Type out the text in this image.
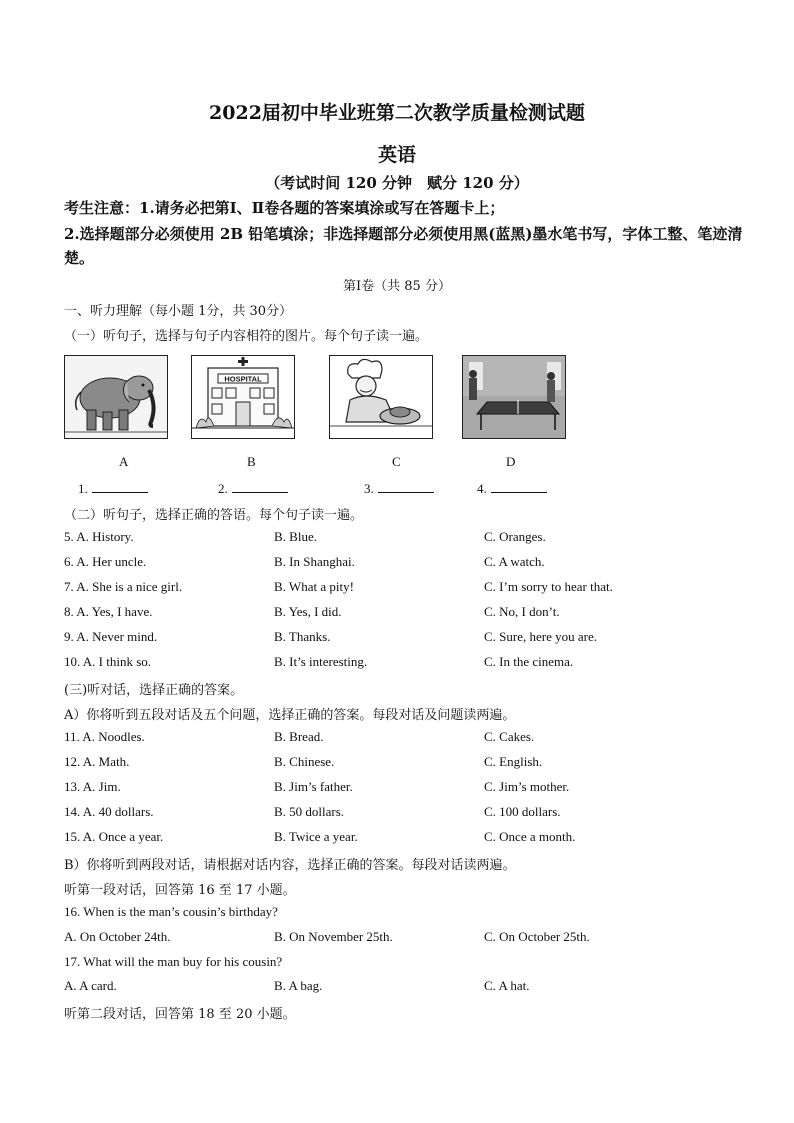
2022届初中毕业班第二次教学质量检测试题
英语
（考试时间 120 分钟　赋分 120 分）
考生注意：1.请务必把第Ⅰ、Ⅱ卷各题的答案填涂或写在答题卡上；
2.选择题部分必须使用 2B 铅笔填涂；非选择题部分必须使用黑(蓝黑)墨水笔书写，字体工整、笔迹清楚。
第Ⅰ卷（共 85 分）
一、听力理解（每小题 1分，共 30分）
（一）听句子，选择与句子内容相符的图片。每个句子读一遍。
HOSPITAL
A	B	C	D
1.	2.	3.	4.
（二）听句子，选择正确的答语。每个句子读一遍。
5. A. History.	B. Blue.	C. Oranges.
6. A. Her uncle.	B. In Shanghai.	C. A watch.
7. A. She is a nice girl.	B. What a pity!	C. I’m sorry to hear that.
8. A. Yes, I have.	B. Yes, I did.	C. No, I don’t.
9. A. Never mind.	B. Thanks.	C. Sure, here you are.
10. A. I think so.	B. It’s interesting.	C. In the cinema.
(三)听对话，选择正确的答案。
A）你将听到五段对话及五个问题，选择正确的答案。每段对话及问题读两遍。
11. A. Noodles.	B. Bread.	C. Cakes.
12. A. Math.	B. Chinese.	C. English.
13. A. Jim.	B. Jim’s father.	C. Jim’s mother.
14. A. 40 dollars.	B. 50 dollars.	C. 100 dollars.
15. A. Once a year.	B. Twice a year.	C. Once a month.
B）你将听到两段对话，请根据对话内容，选择正确的答案。每段对话读两遍。
听第一段对话，回答第 16 至 17 小题。
16. When is the man’s cousin’s birthday?
A. On October 24th.	B. On November 25th.	C. On October 25th.
17. What will the man buy for his cousin?
A. A card.	B. A bag.	C. A hat.
听第二段对话，回答第 18 至 20 小题。
